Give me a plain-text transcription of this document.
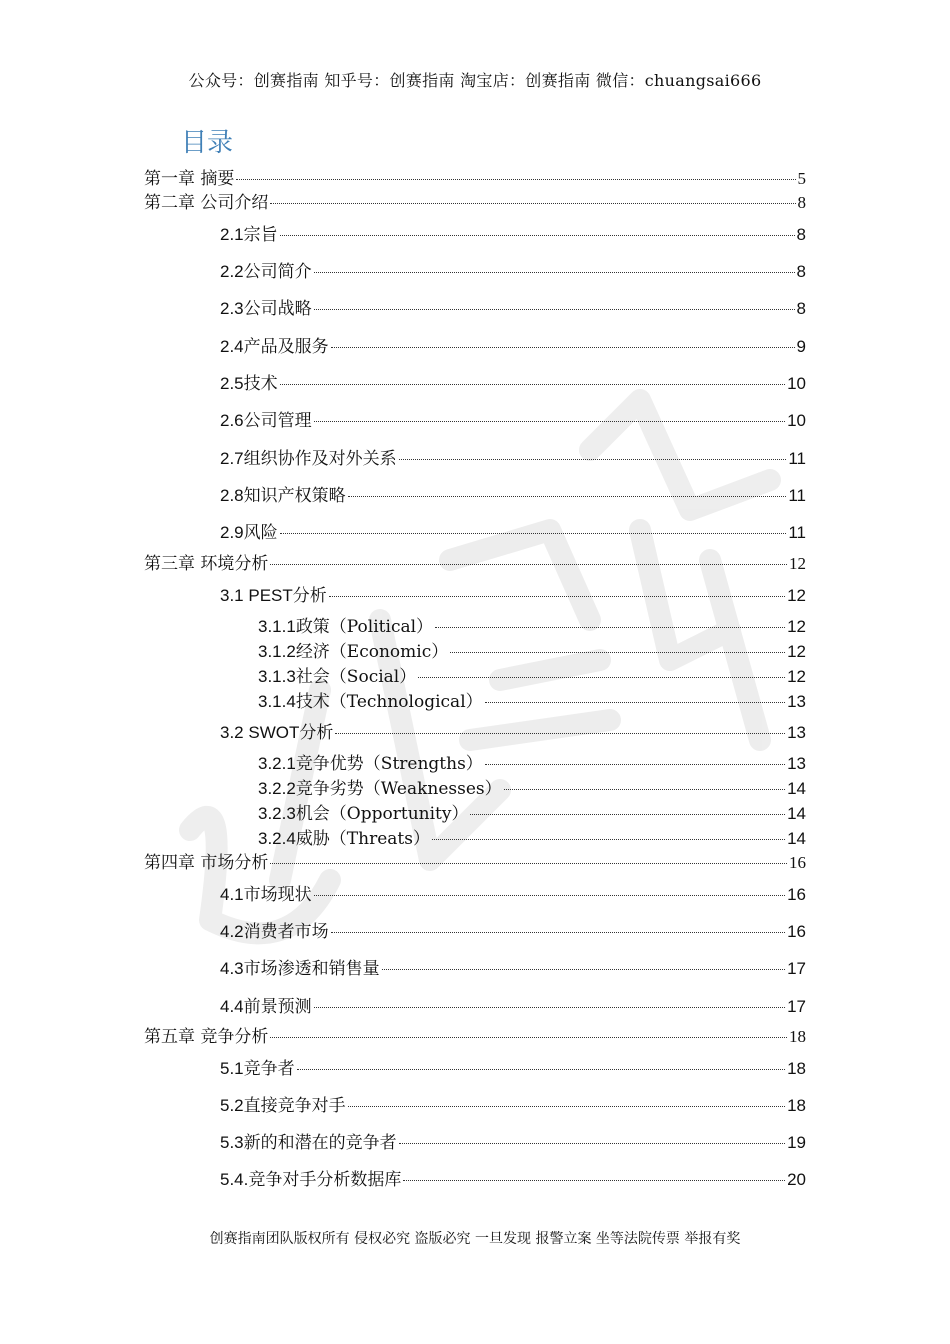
公众号：创赛指南 知乎号：创赛指南 淘宝店：创赛指南 微信：chuangsai666
目录
第一章 摘要	5
第二章 公司介绍	8
2.1 宗旨	8
2.2 公司简介	8
2.3 公司战略	8
2.4 产品及服务	9
2.5 技术	10
2.6 公司管理	10
2.7 组织协作及对外关系	11
2.8 知识产权策略	11
2.9 风险	11
第三章 环境分析	12
3.1 PEST 分析	12
3.1.1 政策（Political）	12
3.1.2 经济（Economic）	12
3.1.3 社会（Social）	12
3.1.4 技术（Technological）	13
3.2 SWOT 分析	13
3.2.1 竞争优势（Strengths）	13
3.2.2 竞争劣势（Weaknesses）	14
3.2.3 机会（Opportunity）	14
3.2.4 威胁（Threats）	14
第四章 市场分析	16
4.1 市场现状	16
4.2 消费者市场	16
4.3 市场渗透和销售量	17
4.4 前景预测	17
第五章 竞争分析	18
5.1 竞争者	18
5.2 直接竞争对手	18
5.3 新的和潜在的竞争者	19
5.4. 竞争对手分析数据库	20
创赛指南团队版权所有 侵权必究 盗版必究 一旦发现 报警立案 坐等法院传票 举报有奖
